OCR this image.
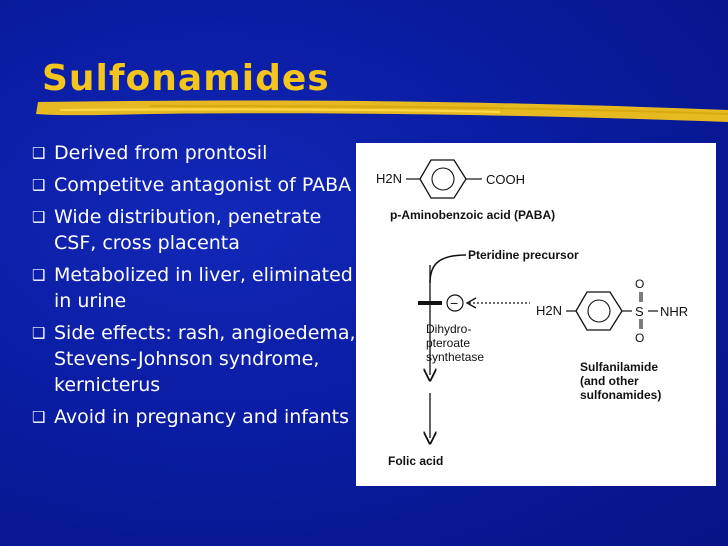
Sulfonamides
❑ Derived from prontosil
❑ Competitve antagonist of PABA
❑ Wide distribution, penetrate CSF, cross placenta
❑ Metabolized in liver, eliminated in urine
❑ Side effects: rash, angioedema, Stevens-Johnson syndrome, kernicterus
❑ Avoid in pregnancy and infants
H2N	COOH
p-Aminobenzoic acid (PABA)
Pteridine precursor
−
Dihydro-
pteroate
synthetase
H2N	S
O
O
NHR
Sulfanilamide
(and other
sulfonamides)
Folic acid
